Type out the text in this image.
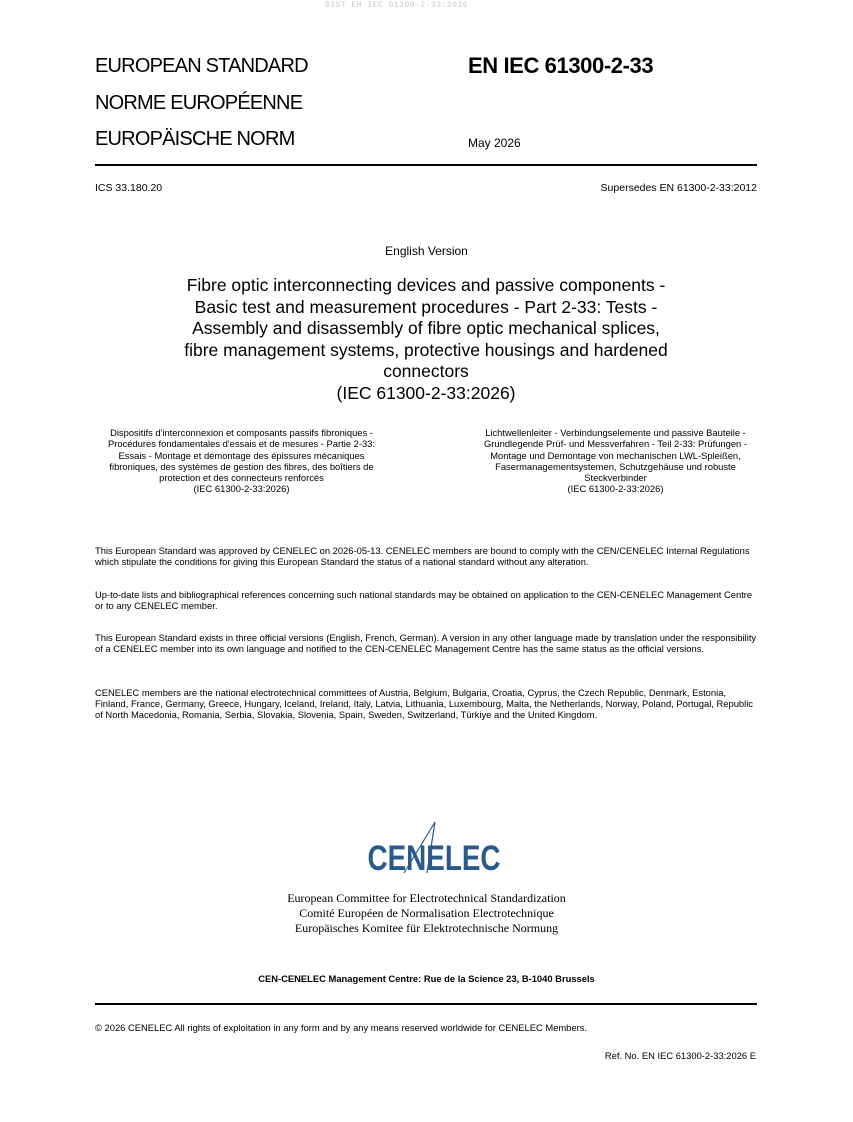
SIST EN IEC 61300-2-33:2026
EUROPEAN STANDARD
NORME EUROPÉENNE
EUROPÄISCHE NORM
EN IEC 61300-2-33
May 2026
ICS 33.180.20	Supersedes EN 61300-2-33:2012
English Version
Fibre optic interconnecting devices and passive components -
Basic test and measurement procedures - Part 2-33: Tests -
Assembly and disassembly of fibre optic mechanical splices,
fibre management systems, protective housings and hardened
connectors
(IEC 61300-2-33:2026)
Dispositifs d'interconnexion et composants passifs fibroniques - Procédures fondamentales d'essais et de mesures - Partie 2-33: Essais - Montage et démontage des épissures mécaniques fibroniques, des systèmes de gestion des fibres, des boîtiers de protection et des connecteurs renforcés
(IEC 61300-2-33:2026)
Lichtwellenleiter - Verbindungselemente und passive Bauteile - Grundlegende Prüf- und Messverfahren - Teil 2-33: Prüfungen - Montage und Demontage von mechanischen LWL-Spleißen, Fasermanagementsystemen, Schutzgehäuse und robuste Steckverbinder
(IEC 61300-2-33:2026)
This European Standard was approved by CENELEC on 2026-05-13. CENELEC members are bound to comply with the CEN/CENELEC Internal Regulations which stipulate the conditions for giving this European Standard the status of a national standard without any alteration.
Up-to-date lists and bibliographical references concerning such national standards may be obtained on application to the CEN-CENELEC Management Centre or to any CENELEC member.
This European Standard exists in three official versions (English, French, German). A version in any other language made by translation under the responsibility of a CENELEC member into its own language and notified to the CEN-CENELEC Management Centre has the same status as the official versions.
CENELEC members are the national electrotechnical committees of Austria, Belgium, Bulgaria, Croatia, Cyprus, the Czech Republic, Denmark, Estonia, Finland, France, Germany, Greece, Hungary, Iceland, Ireland, Italy, Latvia, Lithuania, Luxembourg, Malta, the Netherlands, Norway, Poland, Portugal, Republic of North Macedonia, Romania, Serbia, Slovakia, Slovenia, Spain, Sweden, Switzerland, Türkiye and the United Kingdom.
CENELEC
European Committee for Electrotechnical Standardization
Comité Européen de Normalisation Electrotechnique
Europäisches Komitee für Elektrotechnische Normung
CEN-CENELEC Management Centre: Rue de la Science 23, B-1040 Brussels
© 2026 CENELEC All rights of exploitation in any form and by any means reserved worldwide for CENELEC Members.
Ref. No. EN IEC 61300-2-33:2026 E
